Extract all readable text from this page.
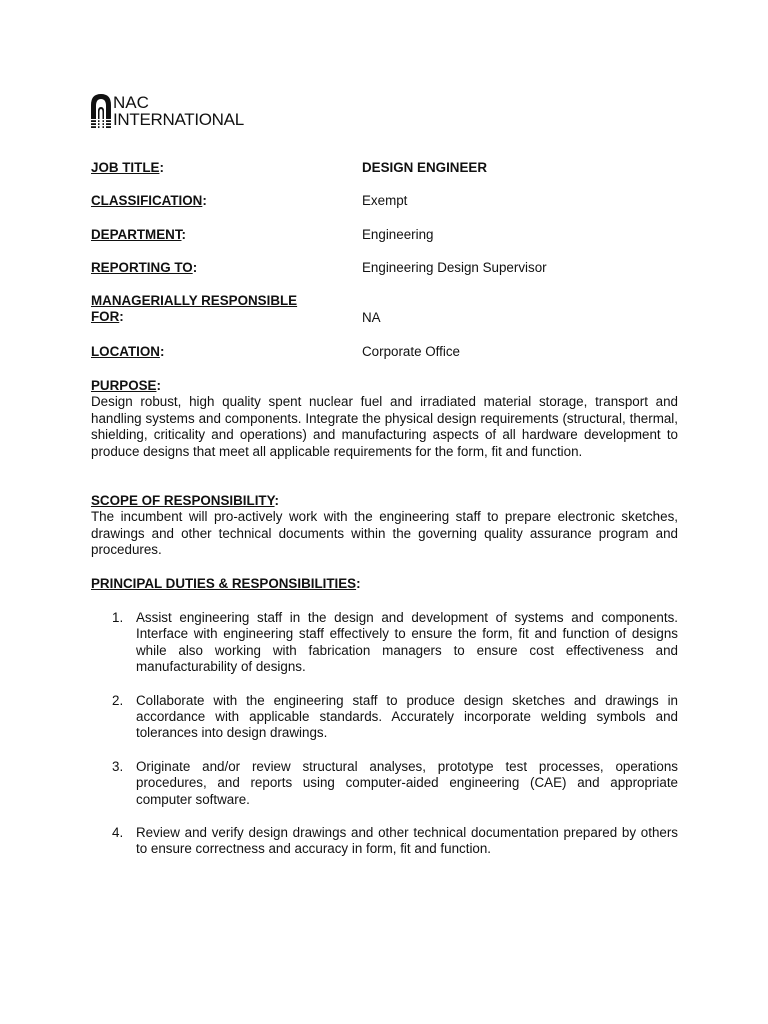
NAC
INTERNATIONAL
JOB TITLE:	DESIGN ENGINEER
CLASSIFICATION:	Exempt
DEPARTMENT:	Engineering
REPORTING TO:	Engineering Design Supervisor
MANAGERIALLY RESPONSIBLE
FOR:	NA
LOCATION:	Corporate Office
PURPOSE:

Design robust, high quality spent nuclear fuel and irradiated material storage, transport and handling systems and components. Integrate the physical design requirements (structural, thermal, shielding, criticality and operations) and manufacturing aspects of all hardware development to produce designs that meet all applicable requirements for the form, fit and function.

SCOPE OF RESPONSIBILITY:

The incumbent will pro-actively work with the engineering staff to prepare electronic sketches, drawings and other technical documents within the governing quality assurance program and procedures.

PRINCIPAL DUTIES & RESPONSIBILITIES:
1. Assist engineering staff in the design and development of systems and components. Interface with engineering staff effectively to ensure the form, fit and function of designs while also working with fabrication managers to ensure cost effectiveness and manufacturability of designs.
2. Collaborate with the engineering staff to produce design sketches and drawings in accordance with applicable standards. Accurately incorporate welding symbols and tolerances into design drawings.
3. Originate and/or review structural analyses, prototype test processes, operations procedures, and reports using computer-aided engineering (CAE) and appropriate computer software.
4. Review and verify design drawings and other technical documentation prepared by others to ensure correctness and accuracy in form, fit and function.
